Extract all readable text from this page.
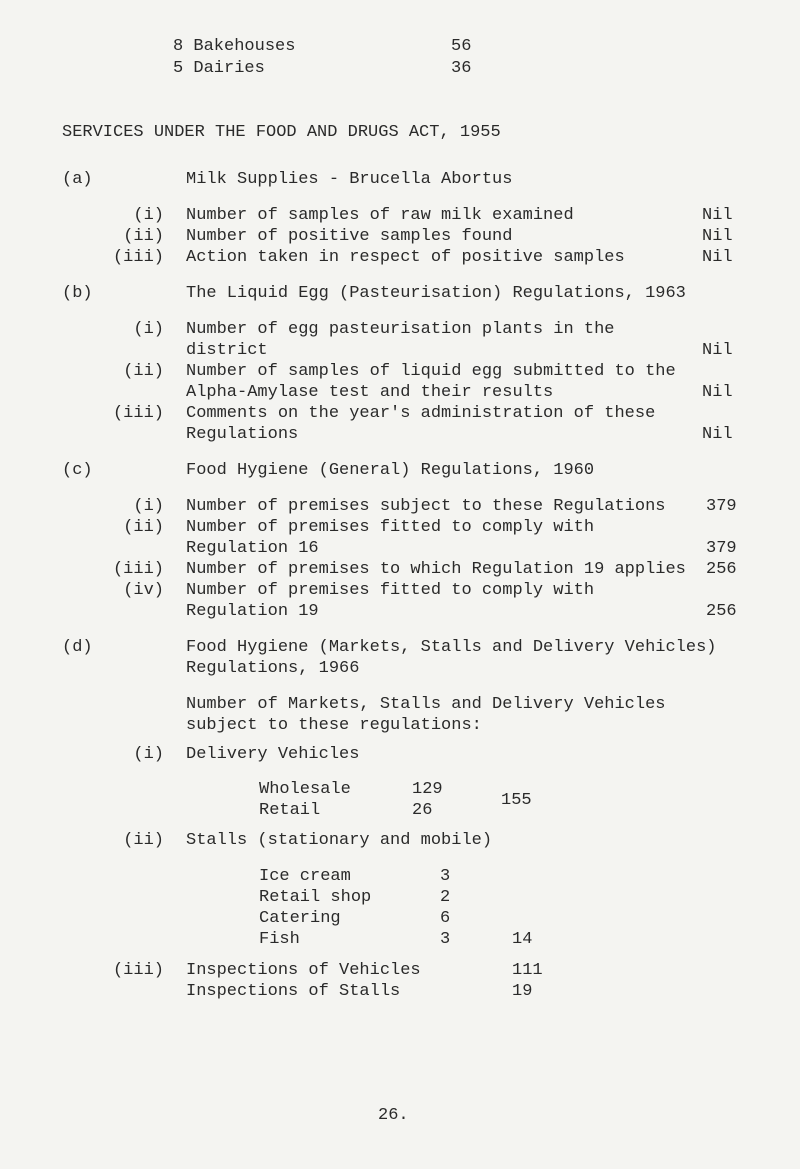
8 Bakehouses	56
5 Dairies	36
SERVICES UNDER THE FOOD AND DRUGS ACT, 1955
(a)	Milk Supplies - Brucella Abortus
(i) Number of samples of raw milk examined	Nil
(ii) Number of positive samples found	Nil
(iii) Action taken in respect of positive samples	Nil
(b)	The Liquid Egg (Pasteurisation) Regulations, 1963
(i) Number of egg pasteurisation plants in the
district	Nil
(ii) Number of samples of liquid egg submitted to the
Alpha-Amylase test and their results	Nil
(iii) Comments on the year's administration of these
Regulations	Nil
(c)	Food Hygiene (General) Regulations, 1960
(i) Number of premises subject to these Regulations 379
(ii) Number of premises fitted to comply with
Regulation 16	379
(iii) Number of premises to which Regulation 19 applies 256
(iv) Number of premises fitted to comply with
Regulation 19	256
(d)	Food Hygiene (Markets, Stalls and Delivery Vehicles)
Regulations, 1966
Number of Markets, Stalls and Delivery Vehicles
subject to these regulations:
(i) Delivery Vehicles
Wholesale	129
Retail	26
155
(ii) Stalls (stationary and mobile)
Ice cream	3
Retail shop	2
Catering	6
Fish	3	14
(iii) Inspections of Vehicles	111
Inspections of Stalls	19
26.
